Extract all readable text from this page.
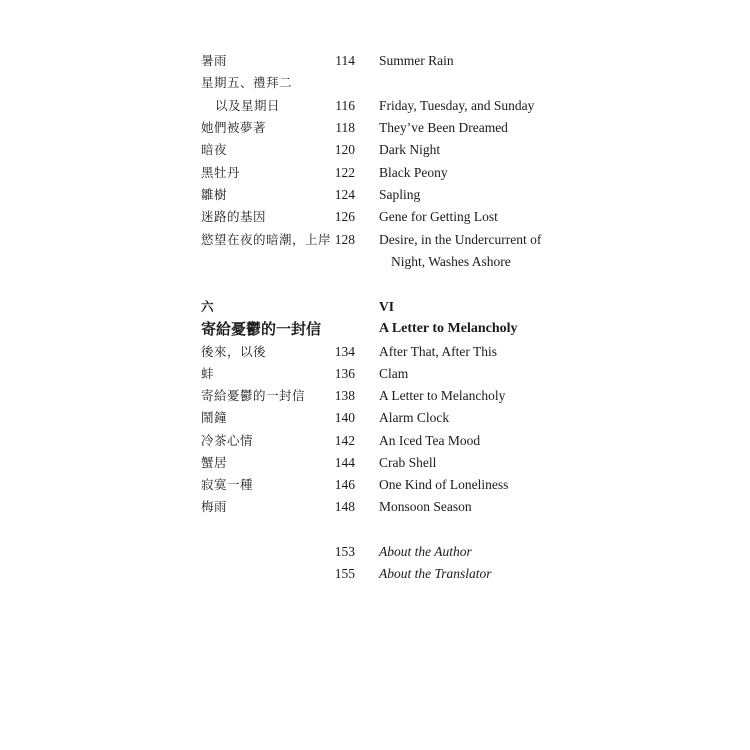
暑雨	114 Summer Rain
星期五、禮拜二
以及星期日	116 Friday, Tuesday, and Sunday
她們被夢著	118 They’ve Been Dreamed
暗夜	120 Dark Night
黑牡丹	122 Black Peony
雛樹	124 Sapling
迷路的基因	126 Gene for Getting Lost
慾望在夜的暗潮，上岸 128 Desire, in the Undercurrent of
Night, Washes Ashore
六	VI
寄給憂鬱的一封信	A Letter to Melancholy
後來，以後	134 After That, After This
蚌	136 Clam
寄給憂鬱的一封信 138 A Letter to Melancholy
鬧鐘	140 Alarm Clock
冷茶心情	142 An Iced Tea Mood
蟹居	144 Crab Shell
寂寞一種	146 One Kind of Loneliness
梅雨	148 Monsoon Season
153 About the Author
155 About the Translator
